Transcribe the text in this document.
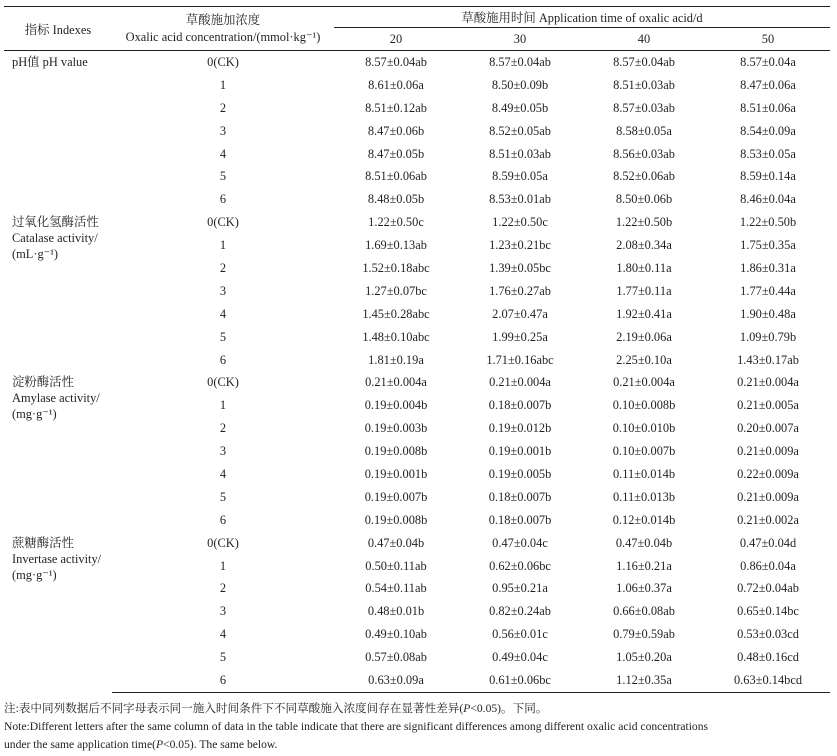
指标 Indexes	草酸施加浓度
Oxalic acid concentration/(mmol·kg⁻¹)	草酸施用时间 Application time of oxalic acid/d			
		20	30	40	50

pH值 pH value	0(CK)	8.57±0.04ab	8.57±0.04ab	8.57±0.04ab	8.57±0.04a
	1	8.61±0.06a	8.50±0.09b	8.51±0.03ab	8.47±0.06a
	2	8.51±0.12ab	8.49±0.05b	8.57±0.03ab	8.51±0.06a
	3	8.47±0.06b	8.52±0.05ab	8.58±0.05a	8.54±0.09a
	4	8.47±0.05b	8.51±0.03ab	8.56±0.03ab	8.53±0.05a
	5	8.51±0.06ab	8.59±0.05a	8.52±0.06ab	8.59±0.14a
	6	8.48±0.05b	8.53±0.01ab	8.50±0.06b	8.46±0.04a

过氧化氢酶活性
Catalase activity/
(mL·g⁻¹)	0(CK)	1.22±0.50c	1.22±0.50c	1.22±0.50b	1.22±0.50b
	1	1.69±0.13ab	1.23±0.21bc	2.08±0.34a	1.75±0.35a
	2	1.52±0.18abc	1.39±0.05bc	1.80±0.11a	1.86±0.31a
	3	1.27±0.07bc	1.76±0.27ab	1.77±0.11a	1.77±0.44a
	4	1.45±0.28abc	2.07±0.47a	1.92±0.41a	1.90±0.48a
	5	1.48±0.10abc	1.99±0.25a	2.19±0.06a	1.09±0.79b
	6	1.81±0.19a	1.71±0.16abc	2.25±0.10a	1.43±0.17ab

淀粉酶活性
Amylase activity/
(mg·g⁻¹)	0(CK)	0.21±0.004a	0.21±0.004a	0.21±0.004a	0.21±0.004a
	1	0.19±0.004b	0.18±0.007b	0.10±0.008b	0.21±0.005a
	2	0.19±0.003b	0.19±0.012b	0.10±0.010b	0.20±0.007a
	3	0.19±0.008b	0.19±0.001b	0.10±0.007b	0.21±0.009a
	4	0.19±0.001b	0.19±0.005b	0.11±0.014b	0.22±0.009a
	5	0.19±0.007b	0.18±0.007b	0.11±0.013b	0.21±0.009a
	6	0.19±0.008b	0.18±0.007b	0.12±0.014b	0.21±0.002a

蔗糖酶活性
Invertase activity/
(mg·g⁻¹)	0(CK)	0.47±0.04b	0.47±0.04c	0.47±0.04b	0.47±0.04d
	1	0.50±0.11ab	0.62±0.06bc	1.16±0.21a	0.86±0.04a
	2	0.54±0.11ab	0.95±0.21a	1.06±0.37a	0.72±0.04ab
	3	0.48±0.01b	0.82±0.24ab	0.66±0.08ab	0.65±0.14bc
	4	0.49±0.10ab	0.56±0.01c	0.79±0.59ab	0.53±0.03cd
	5	0.57±0.08ab	0.49±0.04c	1.05±0.20a	0.48±0.16cd
	6	0.63±0.09a	0.61±0.06bc	1.12±0.35a	0.63±0.14bcd
注:表中同列数据后不同字母表示同一施入时间条件下不同草酸施入浓度间存在显著性差异(P<0.05)。下同。
Note:Different letters after the same column of data in the table indicate that there are significant differences among different oxalic acid concentrations
under the same application time(P<0.05). The same below.
